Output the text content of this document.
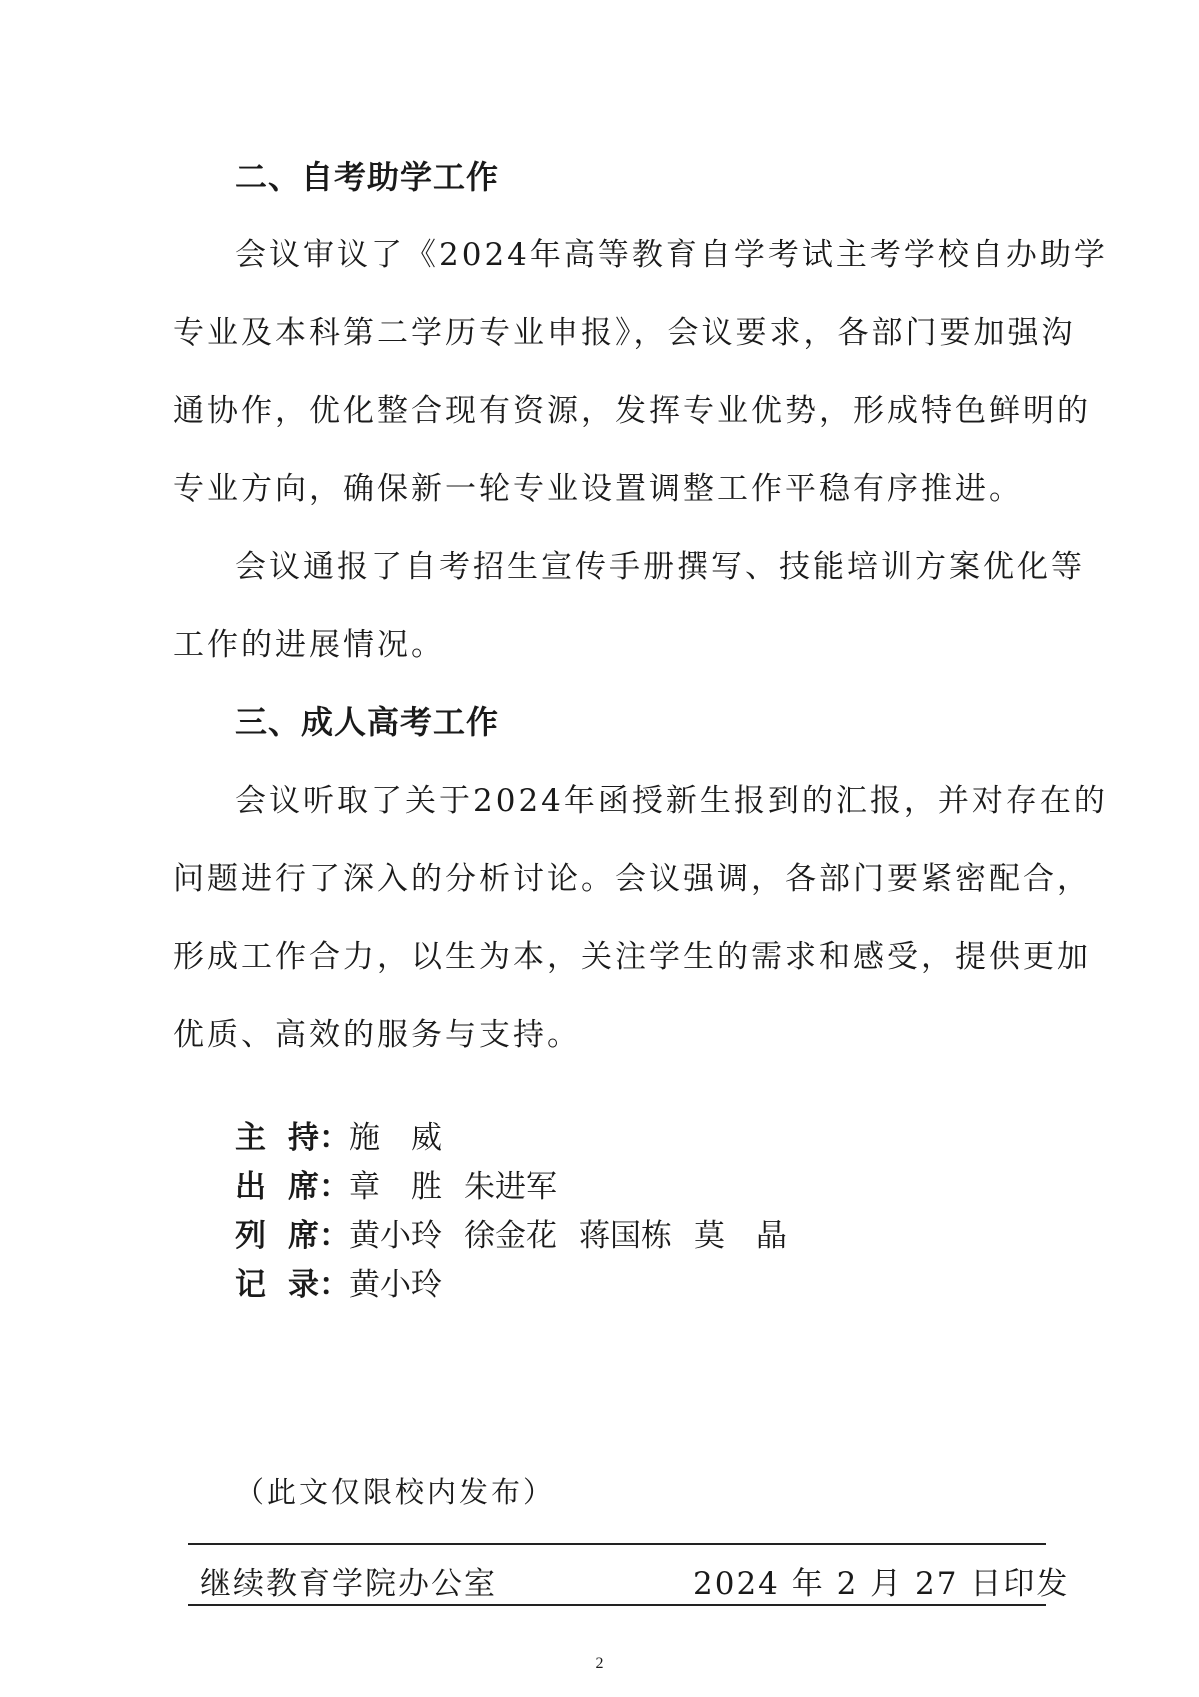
二、自考助学工作
会议审议了《2024年高等教育自学考试主考学校自办助学
专业及本科第二学历专业申报》，会议要求，各部门要加强沟
通协作，优化整合现有资源，发挥专业优势，形成特色鲜明的
专业方向，确保新一轮专业设置调整工作平稳有序推进。
会议通报了自考招生宣传手册撰写、技能培训方案优化等
工作的进展情况。
三、成人高考工作
会议听取了关于2024年函授新生报到的汇报，并对存在的
问题进行了深入的分析讨论。会议强调，各部门要紧密配合，
形成工作合力，以生为本，关注学生的需求和感受，提供更加
优质、高效的服务与支持。
主 持：施　威
出 席：章　胜 朱进军
列 席：黄小玲 徐金花 蒋国栋 莫　晶
记 录：黄小玲
（此文仅限校内发布）
继续教育学院办公室	2024 年 2 月 27 日印发
2
